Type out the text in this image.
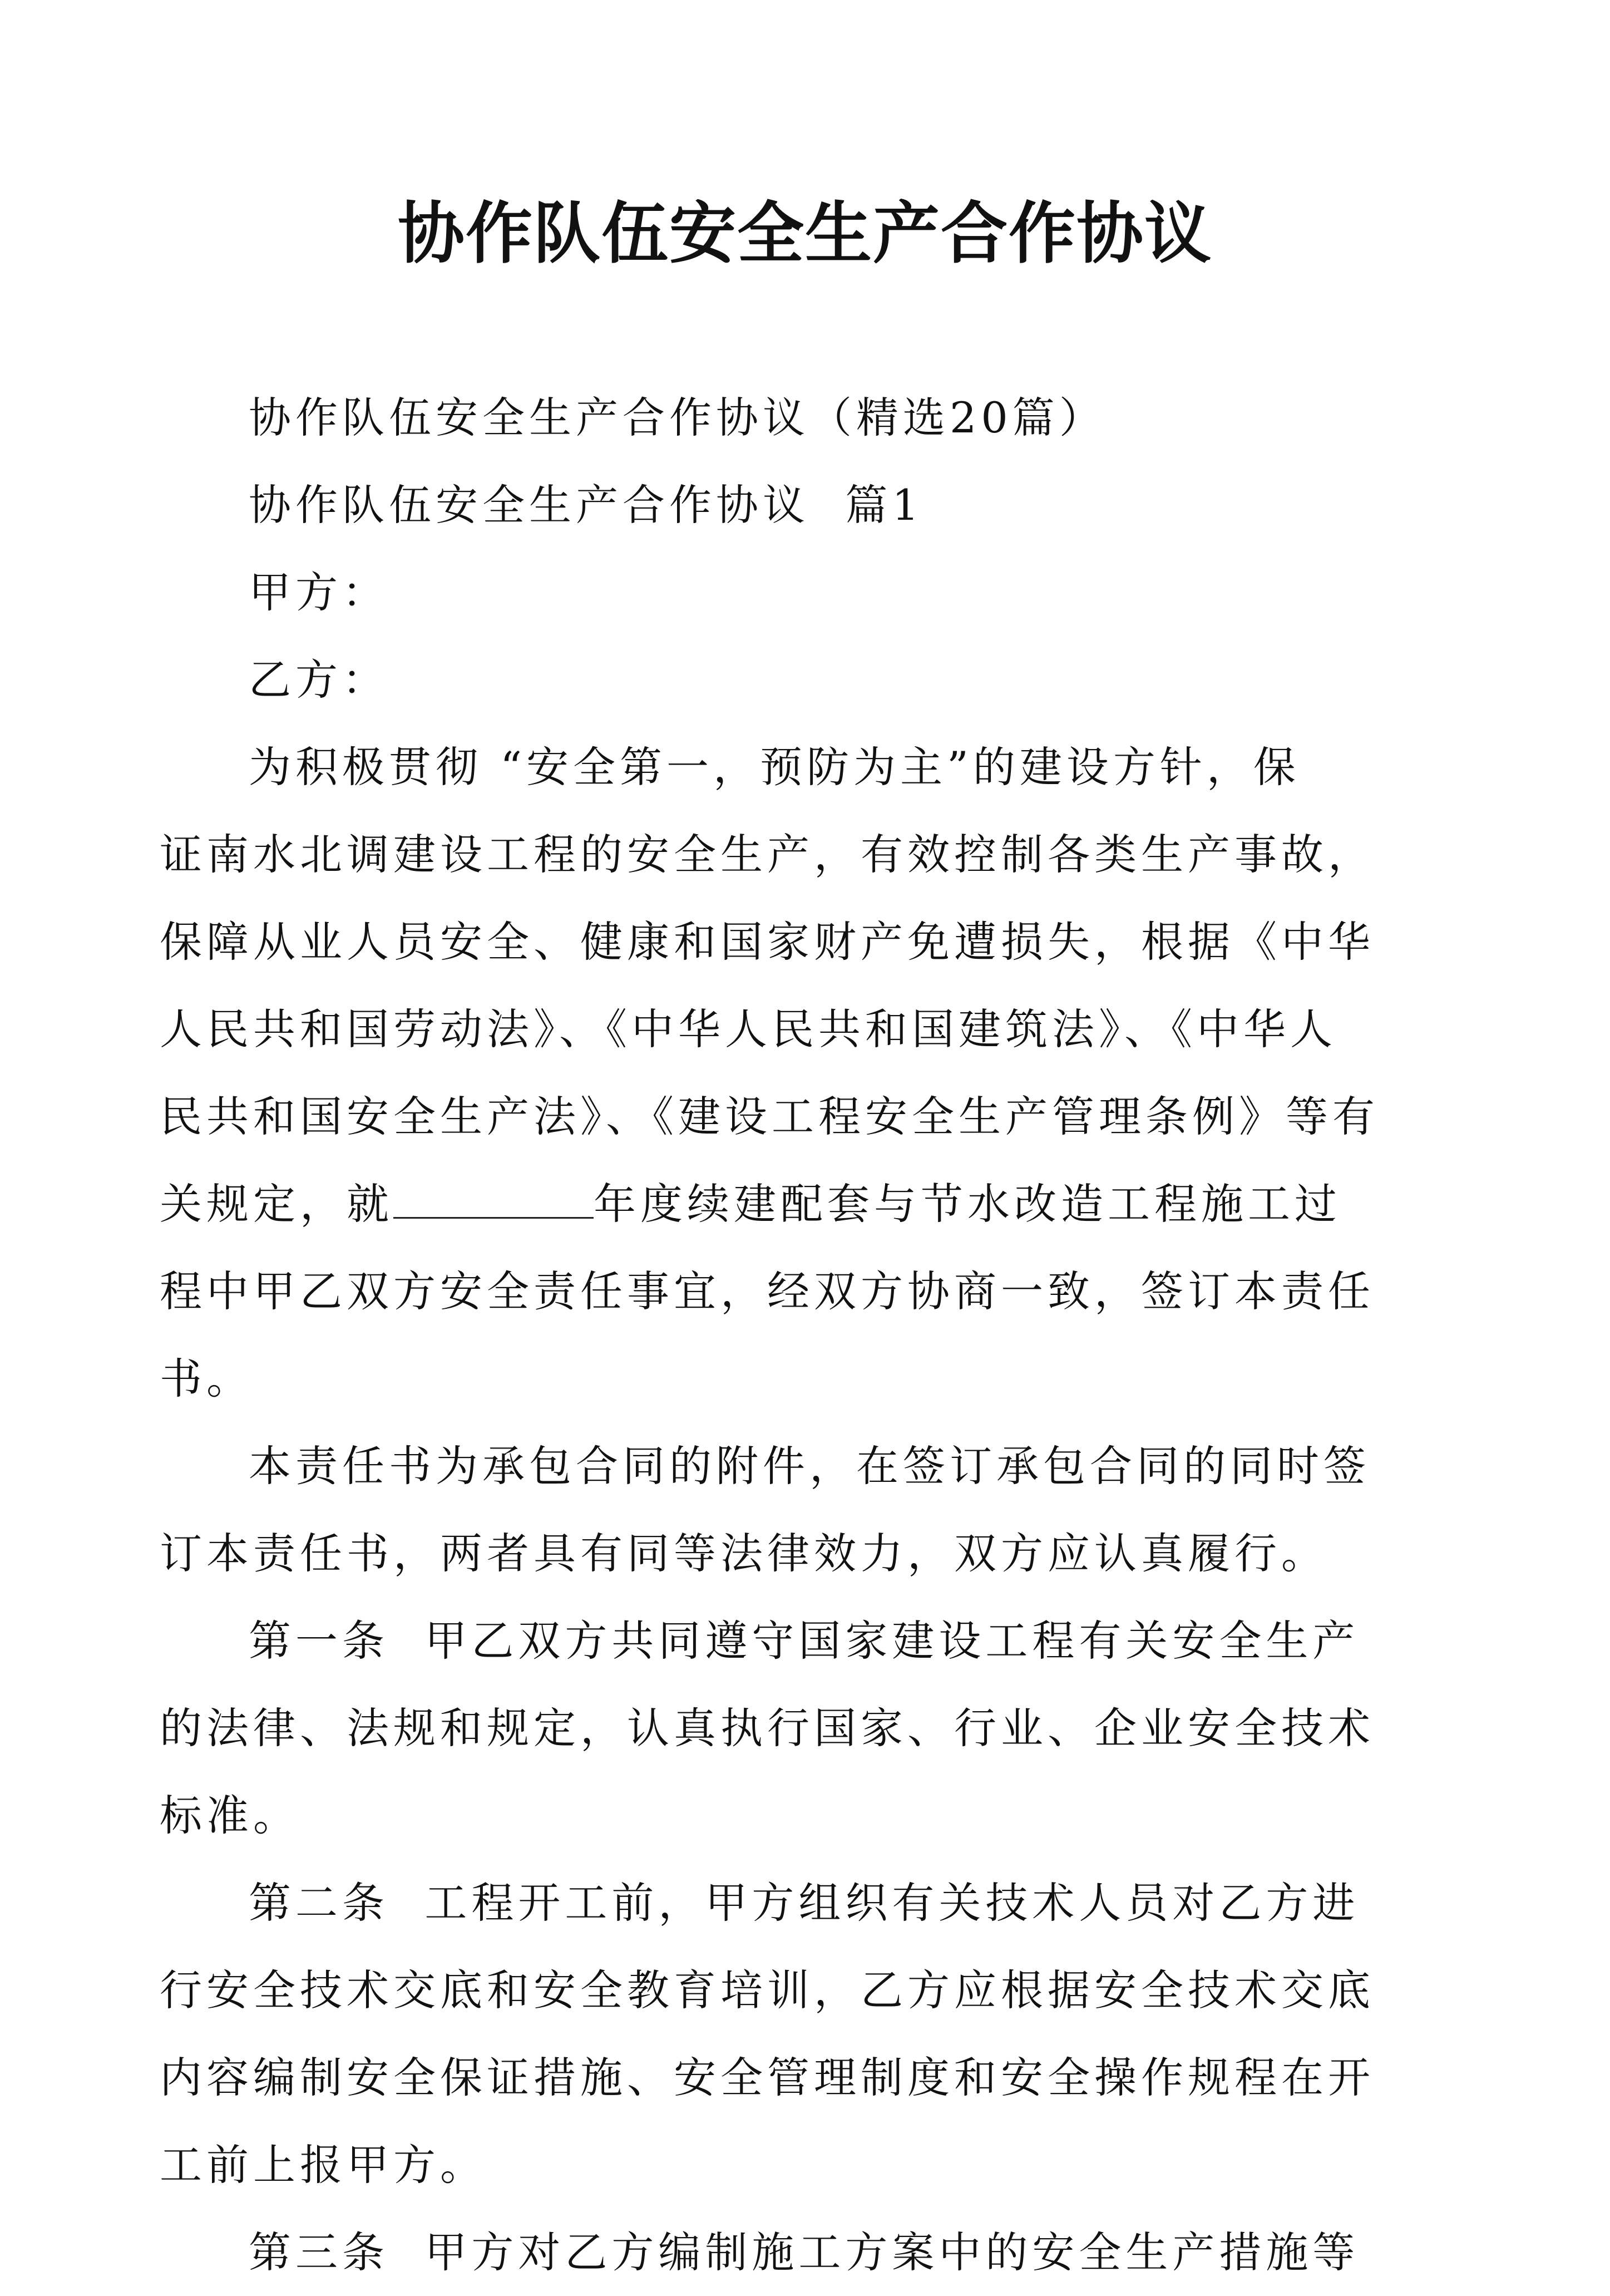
协作队伍安全生产合作协议
协作队伍安全生产合作协议（精选20篇）
协作队伍安全生产合作协议  篇1
甲方：
乙方：
为积极贯彻 “安全第一，预防为主”的建设方针，保
证南水北调建设工程的安全生产，有效控制各类生产事故，
保障从业人员安全、健康和国家财产免遭损失，根据《中华
人民共和国劳动法》、《中华人民共和国建筑法》、《中华人
民共和国安全生产法》、《建设工程安全生产管理条例》等有
关规定，就	年度续建配套与节水改造工程施工过
程中甲乙双方安全责任事宜，经双方协商一致，签订本责任
书。
本责任书为承包合同的附件，在签订承包合同的同时签
订本责任书，两者具有同等法律效力，双方应认真履行。
第一条  甲乙双方共同遵守国家建设工程有关安全生产
的法律、法规和规定，认真执行国家、行业、企业安全技术
标准。
第二条  工程开工前，甲方组织有关技术人员对乙方进
行安全技术交底和安全教育培训，乙方应根据安全技术交底
内容编制安全保证措施、安全管理制度和安全操作规程在开
工前上报甲方。
第三条  甲方对乙方编制施工方案中的安全生产措施等
